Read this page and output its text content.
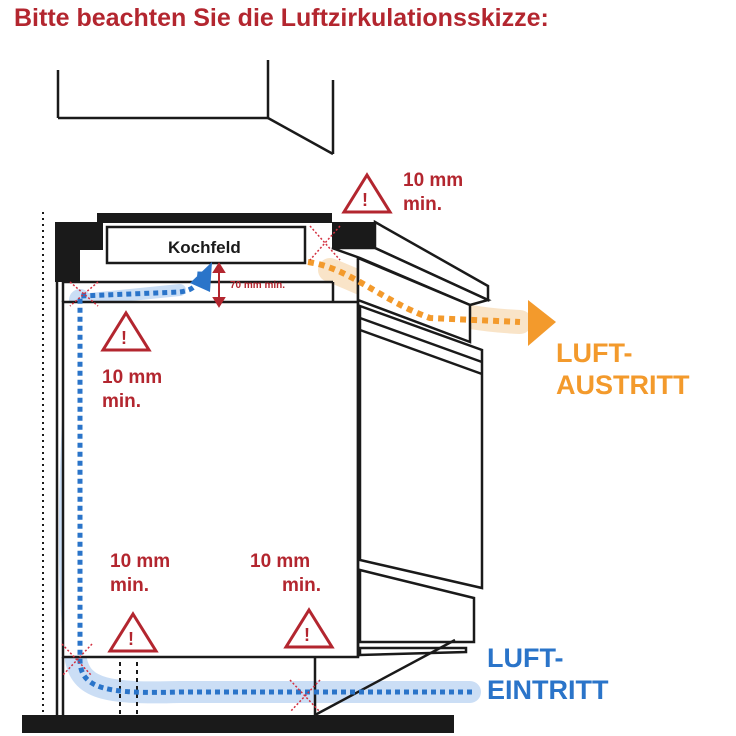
Bitte beachten Sie die Luftzirkulationsskizze:
Kochfeld
70 mm min.
!
!
!	!
10 mm
min.
10 mm
min.
10 mm
min.
10 mm
min.
LUFT-
AUSTRITT
LUFT-
EINTRITT
